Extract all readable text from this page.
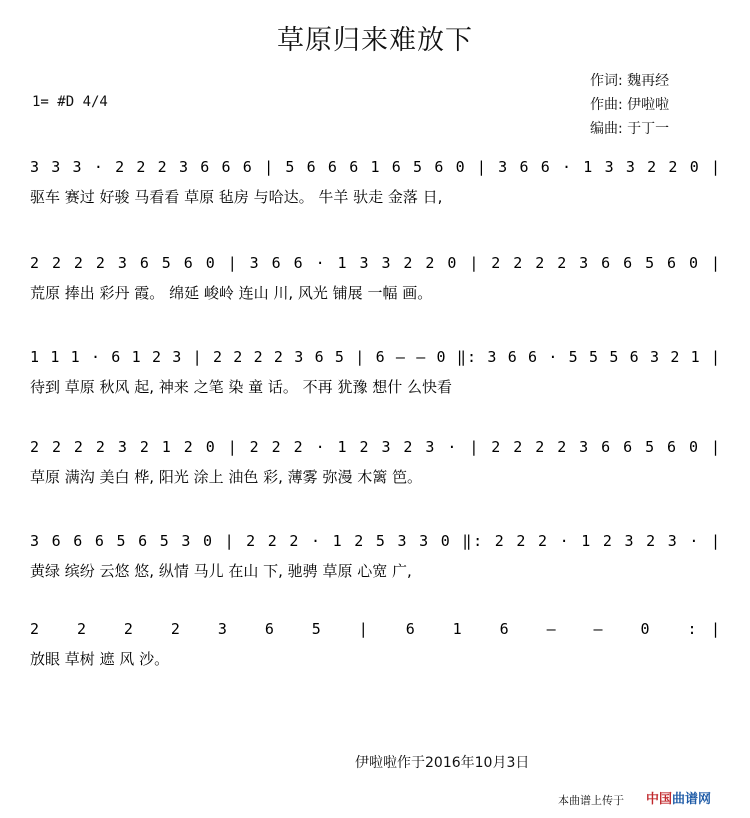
草原归来难放下
1= #D 4/4
作词: 魏再经
作曲: 伊啦啦
编曲: 于丁一
3 3 3 · 2 2 2 3 6 6 6 | 5 6 6 6 1 6 5 6 0 | 3 6 6 · 1 3 3 2 2 0 |
驱车 赛过 好骏 马看看 草原 毡房 与哈达。 牛羊 驮走 金落 日,
2 2 2 2 3 6 5 6 0 | 3 6 6 · 1 3 3 2 2 0 | 2 2 2 2 3 6 6 5 6 0 |
荒原 捧出 彩丹 霞。 绵延 峻岭 连山 川, 风光 铺展 一幅 画。
1 1 1 · 6 1 2 3 | 2 2 2 2 3 6 5 | 6 – – 0 ‖: 3 6 6 · 5 5 5 6 3 2 1 |
待到 草原 秋风 起, 神来 之笔 染 童 话。 不再 犹豫 想什 么快看
2 2 2 2 3 2 1 2 0 | 2 2 2 · 1 2 3 2 3 · | 2 2 2 2 3 6 6 5 6 0 |
草原 满沟 美白 桦, 阳光 涂上 油色 彩, 薄雾 弥漫 木篱 笆。
3 6 6 6 5 6 5 3 0 | 2 2 2 · 1 2 5 3 3 0 ‖: 2 2 2 · 1 2 3 2 3 · |
黄绿 缤纷 云悠 悠, 纵情 马儿 在山 下, 驰骋 草原 心宽 广,
2 2 2 2 3 6 5 | 6 1 6 – – 0 :|
放眼 草树 遮 风 沙。
伊啦啦作于2016年10月3日
本曲谱上传于 中国曲谱网
